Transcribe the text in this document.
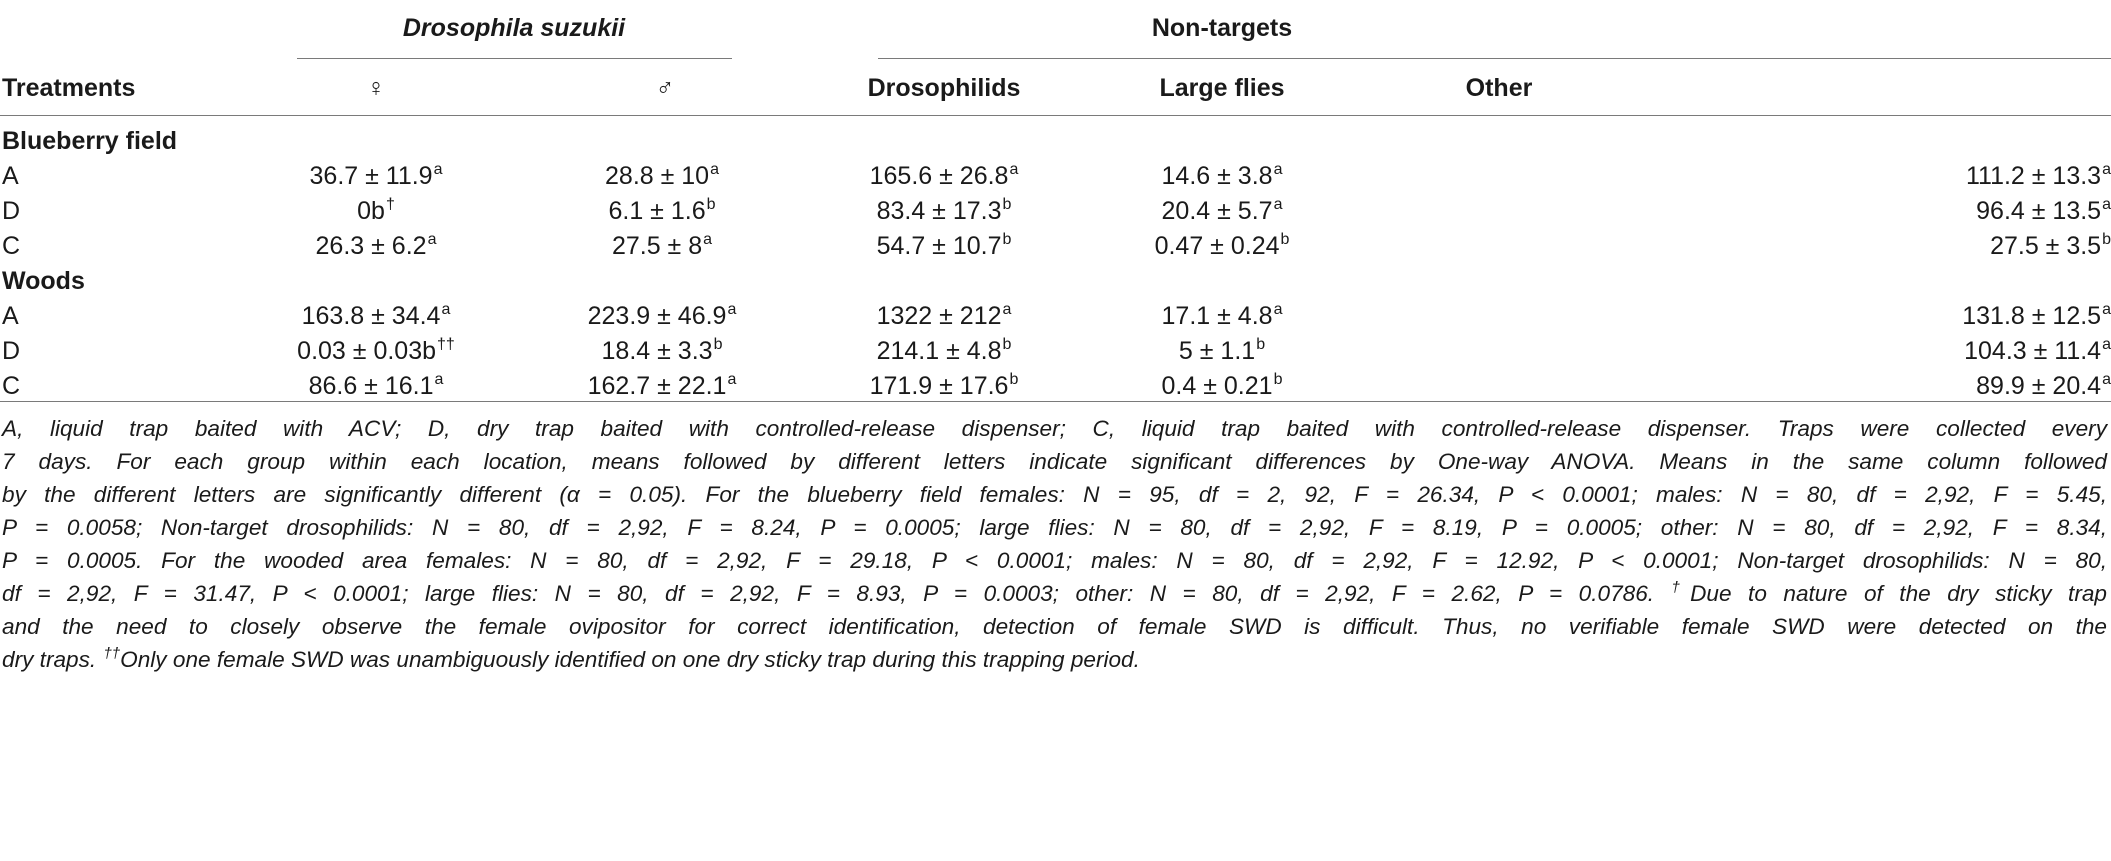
Drosophila suzukii	Non-targets
Treatments	♀	♂	Drosophilids	Large flies	Other
Blueberry field
A	36.7 ± 11.9$^a$	$28.8 \pm 10^a$	165.6 ± 26.8$^a$	14.6 ± 3.8$^a$	111.2 ± 13.3$^a$
D	0b†	6.1 ± 1.6$^b$	83.4 ± 17.3$^b$	20.4 ± 5.7$^a$	96.4 ± 13.5$^a$
C	26.3 ± 6.2$^a$	$27.5 \pm 8^a$	54.7 ± 10.7$^b$	0.47 ± 0.24$^b$	27.5 ± 3.5$^b$
Woods
A	163.8 ± 34.4$^a$	223.9 ± 46.9$^a$	$1322 \pm 212^a$	17.1 ± 4.8$^a$	131.8 ± 12.5$^a$
D	0.03 ± 0.03b††	18.4 ± 3.3$^b$	214.1 ± 4.8$^b$	5 ± 1.1$^b$	104.3 ± 11.4$^a$
C	86.6 ± 16.1$^a$	162.7 ± 22.1$^a$	171.9 ± 17.6$^b$	0.4 ± 0.21$^b$	89.9 ± 20.4$^a$

A, liquid trap baited with ACV; D, dry trap baited with controlled-release dispenser; C, liquid trap baited with controlled-release dispenser. Traps were collected every

7 days. For each group within each location, means followed by different letters indicate significant differences by One-way ANOVA. Means in the same column followed

by the different letters are significantly different (α = 0.05). For the blueberry field females: N = 95, df = 2, 92, F = 26.34, P < 0.0001; males: N = 80, df = 2,92, F = 5.45,

P = 0.0058; Non-target drosophilids: N = 80, df = 2,92, F = 8.24, P = 0.0005; large flies: N = 80, df = 2,92, F = 8.19, P = 0.0005; other: N = 80, df = 2,92, F = 8.34,

P = 0.0005. For the wooded area females: N = 80, df = 2,92, F = 29.18, P < 0.0001; males: N = 80, df = 2,92, F = 12.92, P < 0.0001; Non-target drosophilids: N = 80,

df = 2,92, F = 31.47, P < 0.0001; large flies: N = 80, df = 2,92, F = 8.93, P = 0.0003; other: N = 80, df = 2,92, F = 2.62, P = 0.0786. †Due to nature of the dry sticky trap

and the need to closely observe the female ovipositor for correct identification, detection of female SWD is difficult. Thus, no verifiable female SWD were detected on the

dry traps. ††Only one female SWD was unambiguously identified on one dry sticky trap during this trapping period.
